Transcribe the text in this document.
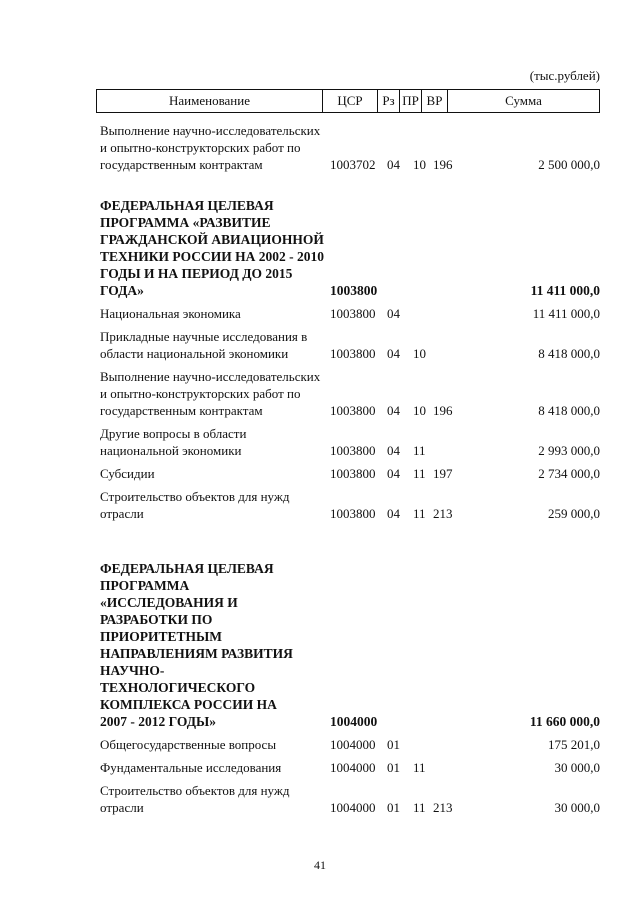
(тыс.рублей)
Наименование	ЦСР	Рз ПР ВР	Сумма
Выполнение научно-исследовательских и опытно-конструкторских работ по государственным контрактам	1003702 04 10 196	2 500 000,0
ФЕДЕРАЛЬНАЯ ЦЕЛЕВАЯ ПРОГРАММА «РАЗВИТИЕ ГРАЖДАНСКОЙ АВИАЦИОННОЙ ТЕХНИКИ РОССИИ НА 2002 - 2010 ГОДЫ И НА ПЕРИОД ДО 2015 ГОДА»	1003800	11 411 000,0
Национальная экономика	1003800 04	11 411 000,0
Прикладные научные исследования в области национальной экономики	1003800 04 10	8 418 000,0
Выполнение научно-исследовательских и опытно-конструкторских работ по государственным контрактам	1003800 04 10 196	8 418 000,0
Другие вопросы в области национальной экономики	1003800 04 11	2 993 000,0
Субсидии	1003800 04 11 197	2 734 000,0
Строительство объектов для нужд отрасли	1003800 04 11 213	259 000,0
ФЕДЕРАЛЬНАЯ ЦЕЛЕВАЯ ПРОГРАММА «ИССЛЕДОВАНИЯ И РАЗРАБОТКИ ПО ПРИОРИТЕТНЫМ НАПРАВЛЕНИЯМ РАЗВИТИЯ НАУЧНО-ТЕХНОЛОГИЧЕСКОГО КОМПЛЕКСА РОССИИ НА 2007 - 2012 ГОДЫ»	1004000	11 660 000,0
Общегосударственные вопросы	1004000 01	175 201,0
Фундаментальные исследования	1004000 01 11	30 000,0
Строительство объектов для нужд отрасли	1004000 01 11 213	30 000,0
41
